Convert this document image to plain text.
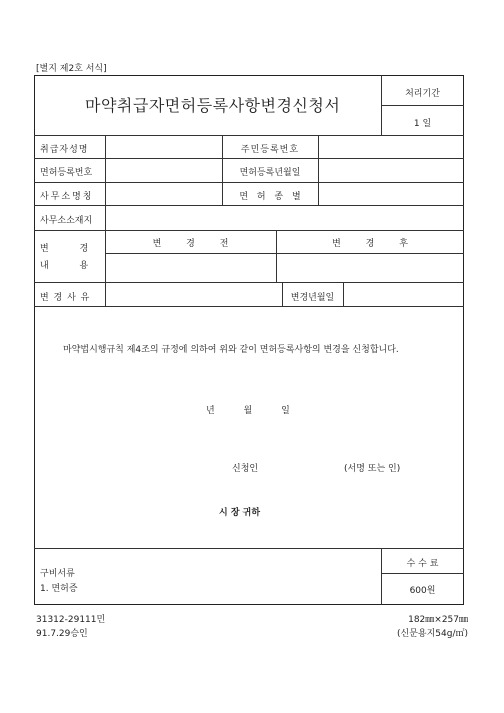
[별지 제2호 서식]
마약취급자면허등록사항변경신청서
처리기간
1 일
취급자성명	주민등록번호
면허등록번호	면허등록년월일
사무소명칭	면 허 종 별
사무소소재지
변 경
내 용
변 경 전	변 경 후
변 경 사 유	변경년월일
마약법시행규칙 제4조의 규정에 의하여 위와 같이 면허등록사항의 변경을 신청합니다.
년 월 일
신청인	(서명 또는 인)
시 장 귀하
구비서류
1. 면허증
수 수 료
600원
31312-29111민
91.7.29승인
182㎜×257㎜
(신문용지54g/㎡)
